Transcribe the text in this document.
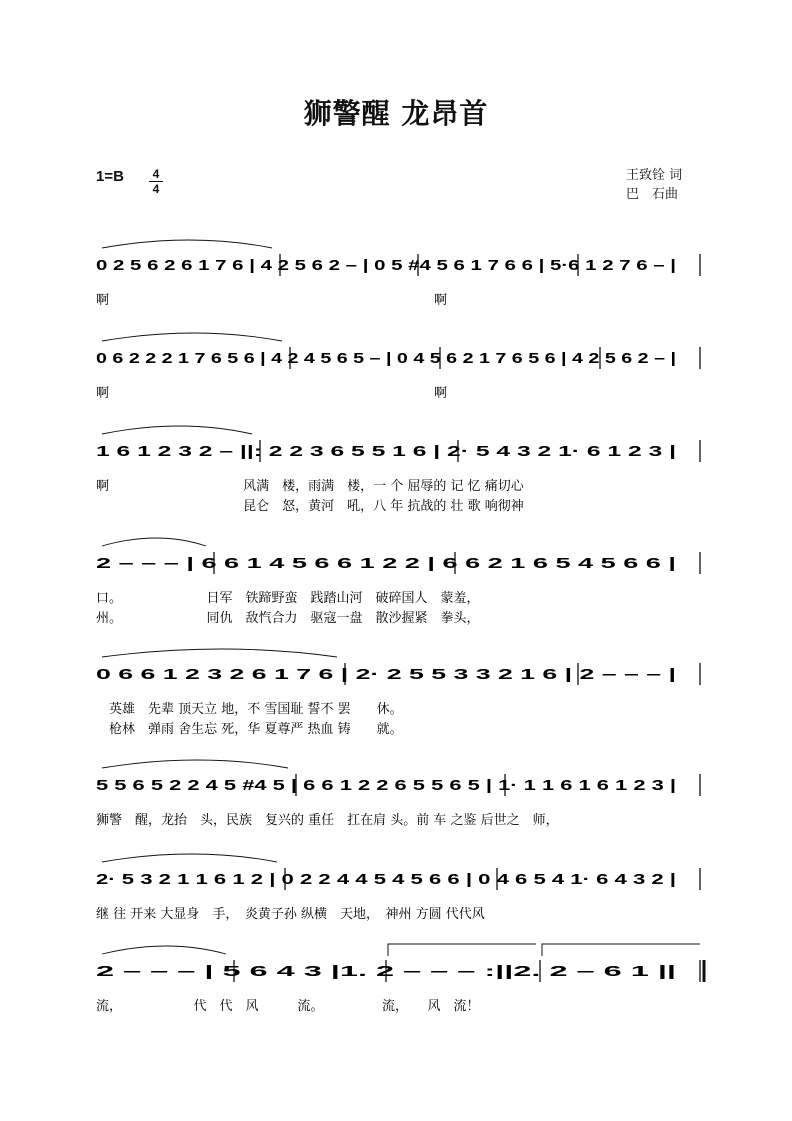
狮警醒 龙昂首
1=B	4
4
王致铨 词
巴　石曲
0 2 5 6 2 6 1 7 6 | 4 2 5 6 2 – | 0 5 #4 5 6 1 7 6 6 | 5·6 1 2 7 6 – |
啊　　　　　　　　　　　　　　　　　　　　　　　　　啊
0 6 2 2 2 1 7 6 5 6 | 4 2 4 5 6 5 – | 0 4 5 6 2 1 7 6 5 6 | 4 2 5 6 2 – |
啊　　　　　　　　　　　　　　　　　　　　　　　　　啊
1 6 1 2 3 2 – ||: 2 2 3 6 5 5 1 6 | 2· 5 4 3 2 1· 6 1 2 3 |
啊　　　　　　　　　　 风满　楼，雨满　楼，一 个 屈辱的 记 忆 痛切心
　　　　　　　　　　　 昆仑　怒，黄河　吼，八 年 抗战的 壮 歌 响彻神
2 – – – | 6 6 1 4 5 6 6 1 2 2 | 6 6 2 1 6 5 4 5 6 6 |
口。　　　　　　　日军　铁蹄野蛮　践踏山河　破碎国人　蒙羞，
州。　　　　　　　同仇　敌忾合力　驱寇一盘　散沙握紧　拳头，
0 6 6 1 2 3 2 6 1 7 6 | 2· 2 5 5 3 3 2 1 6 | 2 – – – |
　英雄　先辈 顶天立 地，不 雪国耻 誓不 罢　　休。
　枪林　弹雨 舍生忘 死，华 夏尊严 热血 铸　　就。
5 5 6 5 2 2 4 5 #4 5 | 6 6 1 2 2 6 5 5 6 5 | 1· 1 1 6 1 6 1 2 3 |
狮警　醒，龙抬　头，民族　复兴的 重任　扛在肩 头。前 车 之鉴 后世之　师，
2· 5 3 2 1 1 6 1 2 | 0 2 2 4 4 5 4 5 6 6 | 0 4 6 5 4 1· 6 4 3 2 |
继 往 开来 大显身　手，　炎黄子孙 纵横　天地，　神州 方圆 代代风
2 – – – | 5 6 4 3 |1. 2 – – – :||2. 2 – 6 1 ||
流，　　　　　　代　代　风　　　流。　　　　　流，　　风　流！
